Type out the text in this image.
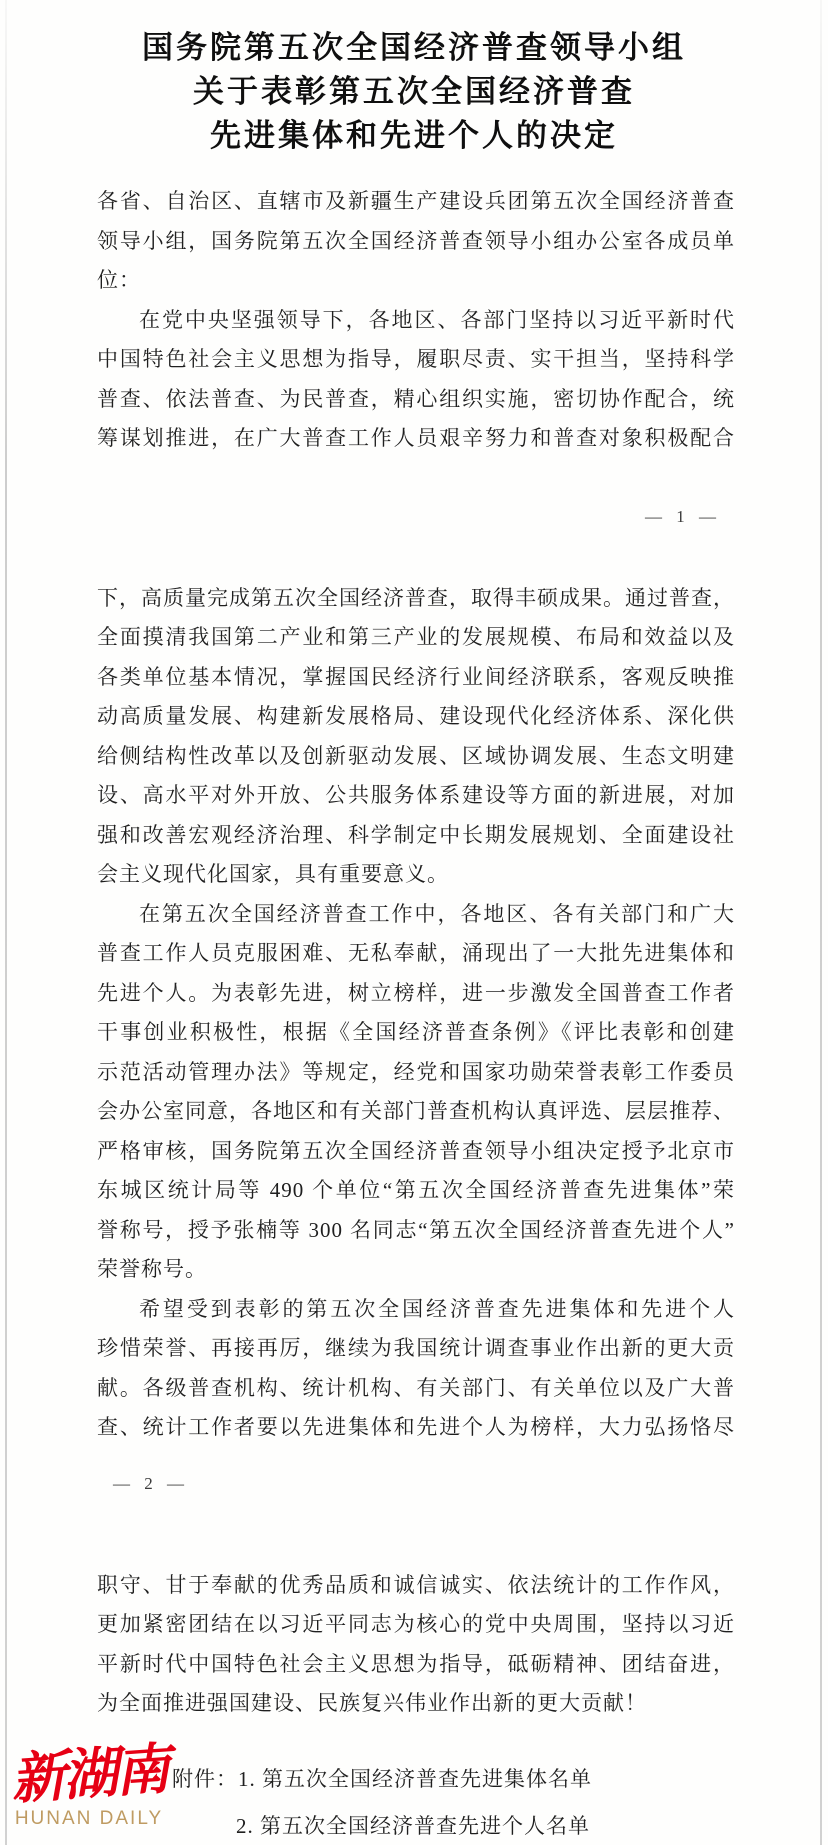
国务院第五次全国经济普查领导小组
关于表彰第五次全国经济普查
先进集体和先进个人的决定
各省、自治区、直辖市及新疆生产建设兵团第五次全国经济普查
领导小组，国务院第五次全国经济普查领导小组办公室各成员单
位：
在党中央坚强领导下，各地区、各部门坚持以习近平新时代
中国特色社会主义思想为指导，履职尽责、实干担当，坚持科学
普查、依法普查、为民普查，精心组织实施，密切协作配合，统
筹谋划推进，在广大普查工作人员艰辛努力和普查对象积极配合
— 1 —
下，高质量完成第五次全国经济普查，取得丰硕成果。通过普查，
全面摸清我国第二产业和第三产业的发展规模、布局和效益以及
各类单位基本情况，掌握国民经济行业间经济联系，客观反映推
动高质量发展、构建新发展格局、建设现代化经济体系、深化供
给侧结构性改革以及创新驱动发展、区域协调发展、生态文明建
设、高水平对外开放、公共服务体系建设等方面的新进展，对加
强和改善宏观经济治理、科学制定中长期发展规划、全面建设社
会主义现代化国家，具有重要意义。
在第五次全国经济普查工作中，各地区、各有关部门和广大
普查工作人员克服困难、无私奉献，涌现出了一大批先进集体和
先进个人。为表彰先进，树立榜样，进一步激发全国普查工作者
干事创业积极性，根据《全国经济普查条例》《评比表彰和创建
示范活动管理办法》等规定，经党和国家功勋荣誉表彰工作委员
会办公室同意，各地区和有关部门普查机构认真评选、层层推荐、
严格审核，国务院第五次全国经济普查领导小组决定授予北京市
东城区统计局等 490 个单位“第五次全国经济普查先进集体”荣
誉称号，授予张楠等 300 名同志“第五次全国经济普查先进个人”
荣誉称号。
希望受到表彰的第五次全国经济普查先进集体和先进个人
珍惜荣誉、再接再厉，继续为我国统计调查事业作出新的更大贡
献。各级普查机构、统计机构、有关部门、有关单位以及广大普
查、统计工作者要以先进集体和先进个人为榜样，大力弘扬恪尽
— 2 —
职守、甘于奉献的优秀品质和诚信诚实、依法统计的工作作风，
更加紧密团结在以习近平同志为核心的党中央周围，坚持以习近
平新时代中国特色社会主义思想为指导，砥砺精神、团结奋进，
为全面推进强国建设、民族复兴伟业作出新的更大贡献！
新湖南
HUNAN DAILY
附件：1. 第五次全国经济普查先进集体名单
2. 第五次全国经济普查先进个人名单
